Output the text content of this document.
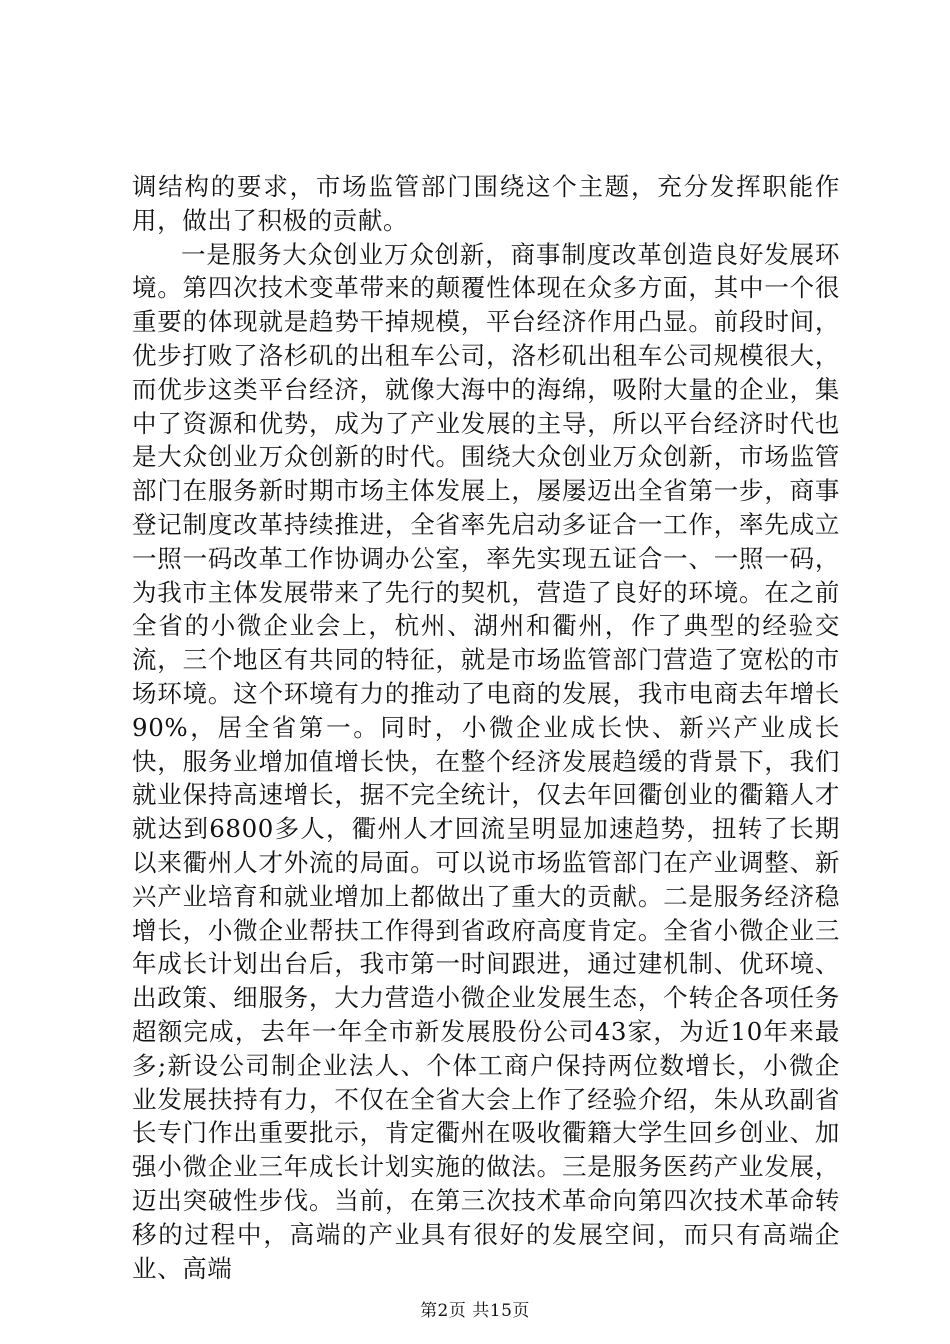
调结构的要求，市场监管部门围绕这个主题，充分发挥职能作用，做出了积极的贡献。

一是服务大众创业万众创新，商事制度改革创造良好发展环境。第四次技术变革带来的颠覆性体现在众多方面，其中一个很重要的体现就是趋势干掉规模，平台经济作用凸显。前段时间，优步打败了洛杉矶的出租车公司，洛杉矶出租车公司规模很大，而优步这类平台经济，就像大海中的海绵，吸附大量的企业，集中了资源和优势，成为了产业发展的主导，所以平台经济时代也是大众创业万众创新的时代。围绕大众创业万众创新，市场监管部门在服务新时期市场主体发展上，屡屡迈出全省第一步，商事登记制度改革持续推进，全省率先启动多证合一工作，率先成立一照一码改革工作协调办公室，率先实现五证合一、一照一码，为我市主体发展带来了先行的契机，营造了良好的环境。在之前全省的小微企业会上，杭州、湖州和衢州，作了典型的经验交流，三个地区有共同的特征，就是市场监管部门营造了宽松的市场环境。这个环境有力的推动了电商的发展，我市电商去年增长90%，居全省第一。同时，小微企业成长快、新兴产业成长快，服务业增加值增长快，在整个经济发展趋缓的背景下，我们就业保持高速增长，据不完全统计，仅去年回衢创业的衢籍人才就达到6800多人，衢州人才回流呈明显加速趋势，扭转了长期以来衢州人才外流的局面。可以说市场监管部门在产业调整、新兴产业培育和就业增加上都做出了重大的贡献。二是服务经济稳增长，小微企业帮扶工作得到省政府高度肯定。全省小微企业三年成长计划出台后，我市第一时间跟进，通过建机制、优环境、出政策、细服务，大力营造小微企业发展生态，个转企各项任务超额完成，去年一年全市新发展股份公司43家，为近10年来最多;新设公司制企业法人、个体工商户保持两位数增长，小微企业发展扶持有力，不仅在全省大会上作了经验介绍，朱从玖副省长专门作出重要批示，肯定衢州在吸收衢籍大学生回乡创业、加强小微企业三年成长计划实施的做法。三是服务医药产业发展，迈出突破性步伐。当前，在第三次技术革命向第四次技术革命转移的过程中，高端的产业具有很好的发展空间，而只有高端企业、高端

第2页 共15页
